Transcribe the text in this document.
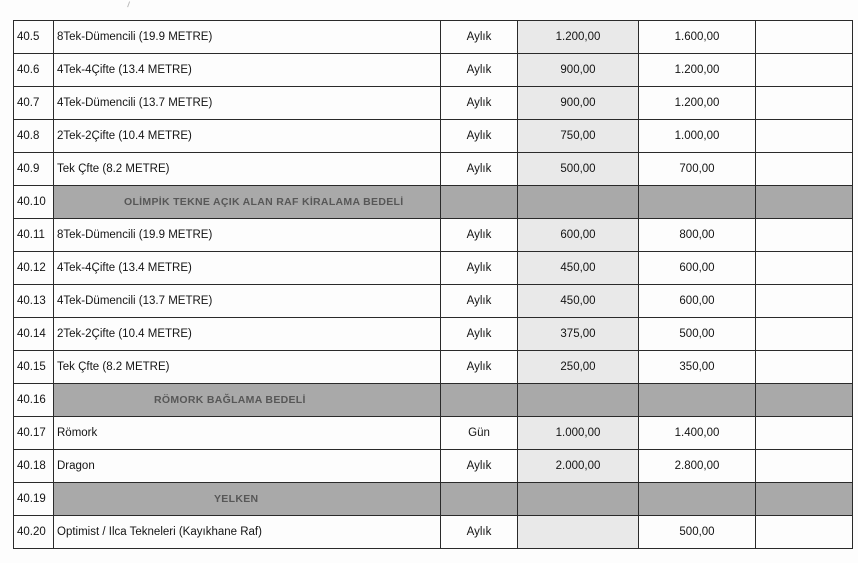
40.5	8Tek-Dümencili (19.9 METRE)	Aylık	1.200,00	1.600,00	
40.6	4Tek-4Çifte (13.4 METRE)	Aylık	900,00	1.200,00	
40.7	4Tek-Dümencili (13.7 METRE)	Aylık	900,00	1.200,00	
40.8	2Tek-2Çifte (10.4 METRE)	Aylık	750,00	1.000,00	
40.9	Tek Çfte (8.2 METRE)	Aylık	500,00	700,00	
40.10	OLİMPİK TEKNE AÇIK ALAN RAF KİRALAMA BEDELİ				
40.11	8Tek-Dümencili (19.9 METRE)	Aylık	600,00	800,00	
40.12	4Tek-4Çifte (13.4 METRE)	Aylık	450,00	600,00	
40.13	4Tek-Dümencili (13.7 METRE)	Aylık	450,00	600,00	
40.14	2Tek-2Çifte (10.4 METRE)	Aylık	375,00	500,00	
40.15	Tek Çfte (8.2 METRE)	Aylık	250,00	350,00	
40.16	RÖMORK BAĞLAMA BEDELİ				
40.17	Römork	Gün	1.000,00	1.400,00	
40.18	Dragon	Aylık	2.000,00	2.800,00	
40.19	YELKEN				
40.20	Optimist / Ilca Tekneleri (Kayıkhane Raf)	Aylık		500,00	
